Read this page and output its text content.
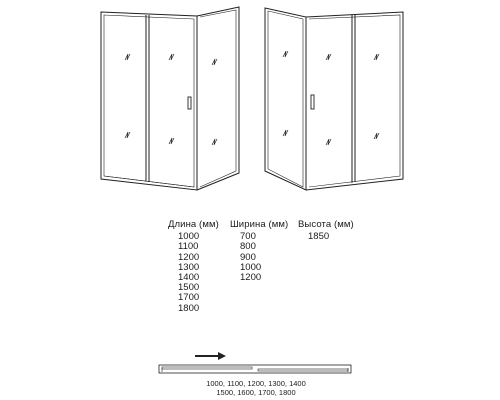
Длина (мм)
1000
1100
1200
1300
1400
1500
1700
1800
Ширина (мм)
700
800
900
1000
1200
Высота (мм)
1850
1000, 1100, 1200, 1300, 1400
1500, 1600, 1700, 1800
